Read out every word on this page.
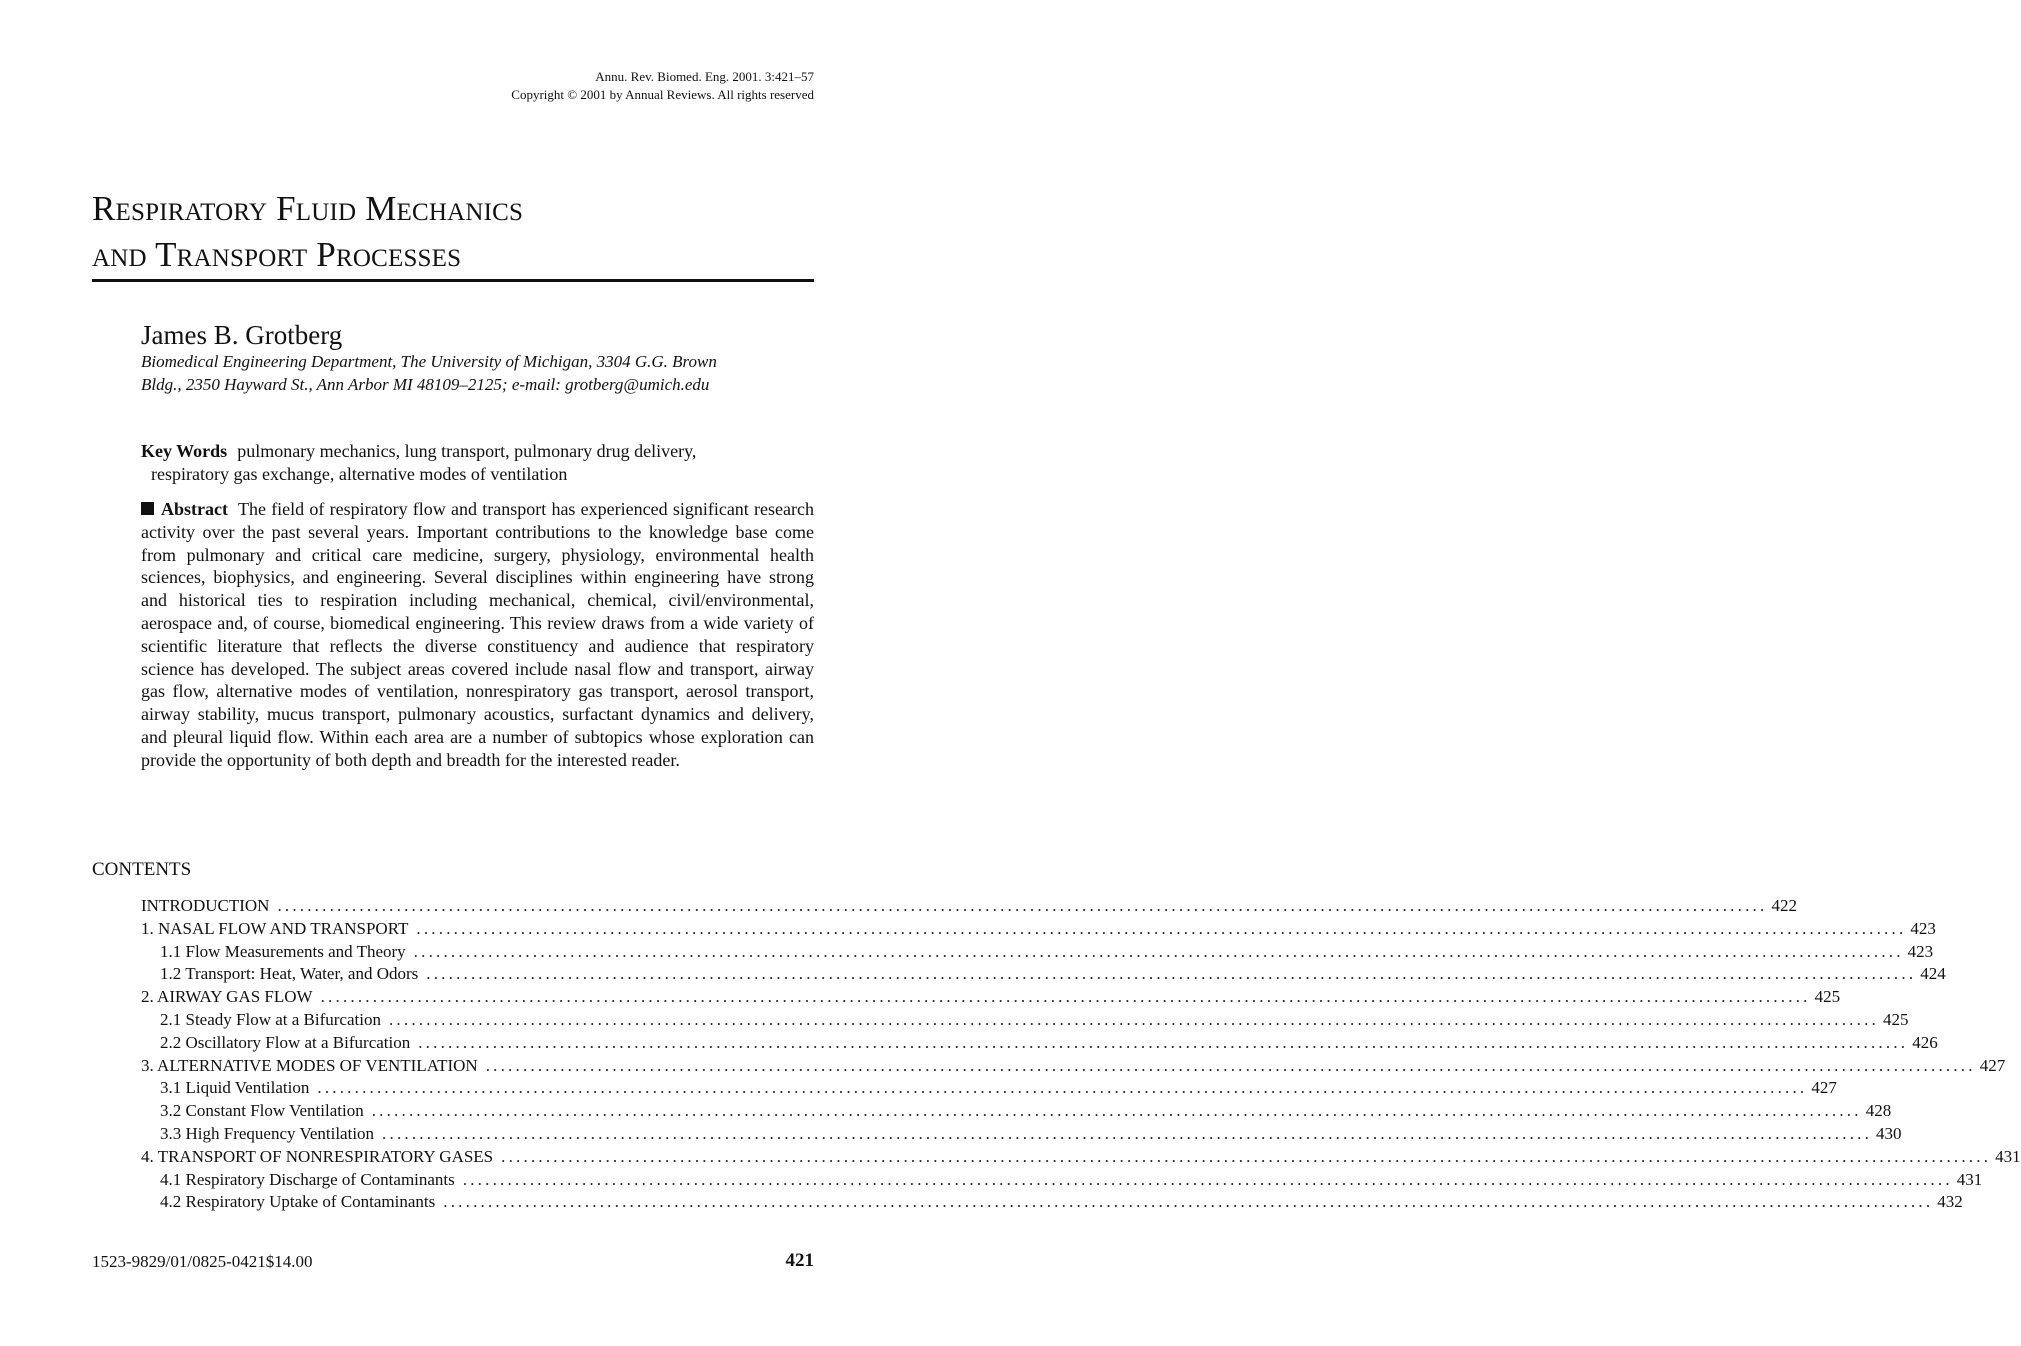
Annu. Rev. Biomed. Eng. 2001. 3:421–57
Copyright © 2001 by Annual Reviews. All rights reserved
Respiratory Fluid Mechanics
and Transport Processes
James B. Grotberg
Biomedical Engineering Department, The University of Michigan, 3304 G.G. Brown
Bldg., 2350 Hayward St., Ann Arbor MI 48109–2125; e-mail: grotberg@umich.edu
Key Words pulmonary mechanics, lung transport, pulmonary drug delivery,
respiratory gas exchange, alternative modes of ventilation
Abstract The field of respiratory flow and transport has experienced significant research activity over the past several years. Important contributions to the knowledge base come from pulmonary and critical care medicine, surgery, physiology, environmental health sciences, biophysics, and engineering. Several disciplines within engineering have strong and historical ties to respiration including mechanical, chemical, civil/environmental, aerospace and, of course, biomedical engineering. This review draws from a wide variety of scientific literature that reflects the diverse constituency and audience that respiratory science has developed. The subject areas covered include nasal flow and transport, airway gas flow, alternative modes of ventilation, nonrespiratory gas transport, aerosol transport, airway stability, mucus transport, pulmonary acoustics, surfactant dynamics and delivery, and pleural liquid flow. Within each area are a number of subtopics whose exploration can provide the opportunity of both depth and breadth for the interested reader.
CONTENTS
INTRODUCTION ........................................................................................................................................................................................................ 422
1. NASAL FLOW AND TRANSPORT ........................................................................................................................................................................................................ 423
1.1 Flow Measurements and Theory ........................................................................................................................................................................................................ 423
1.2 Transport: Heat, Water, and Odors ........................................................................................................................................................................................................ 424
2. AIRWAY GAS FLOW ........................................................................................................................................................................................................ 425
2.1 Steady Flow at a Bifurcation ........................................................................................................................................................................................................ 425
2.2 Oscillatory Flow at a Bifurcation ........................................................................................................................................................................................................ 426
3. ALTERNATIVE MODES OF VENTILATION ........................................................................................................................................................................................................ 427
3.1 Liquid Ventilation ........................................................................................................................................................................................................ 427
3.2 Constant Flow Ventilation ........................................................................................................................................................................................................ 428
3.3 High Frequency Ventilation ........................................................................................................................................................................................................ 430
4. TRANSPORT OF NONRESPIRATORY GASES ........................................................................................................................................................................................................ 431
4.1 Respiratory Discharge of Contaminants ........................................................................................................................................................................................................ 431
4.2 Respiratory Uptake of Contaminants ........................................................................................................................................................................................................ 432
1523-9829/01/0825-0421$14.00	421
